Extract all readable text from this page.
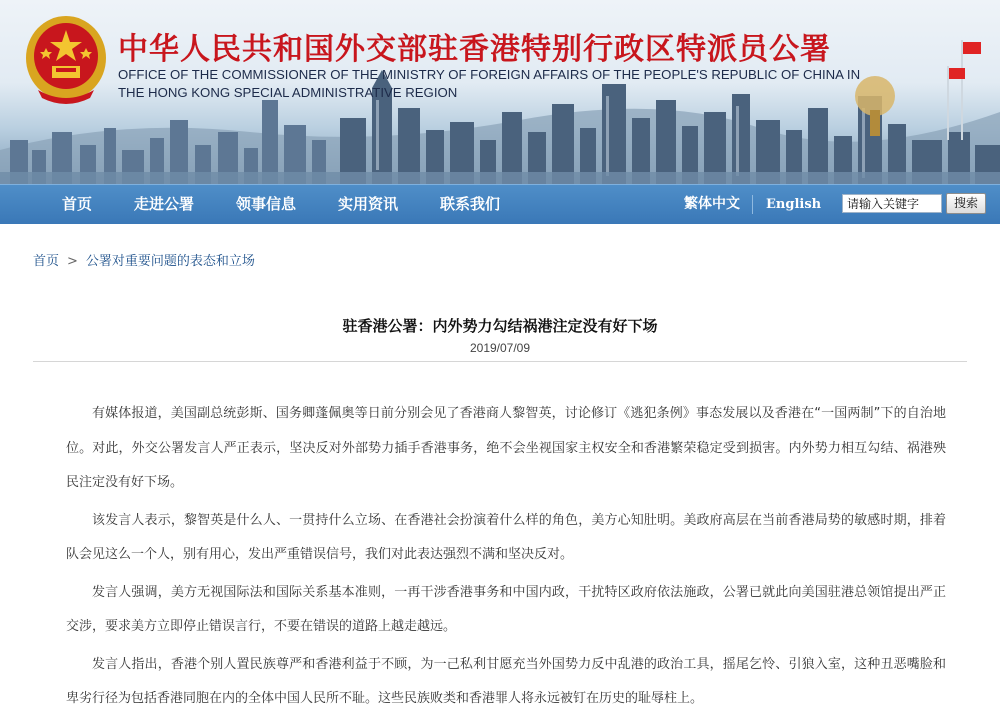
中华人民共和国外交部驻香港特别行政区特派员公署
OFFICE OF THE COMMISSIONER OF THE MINISTRY OF FOREIGN AFFAIRS OF THE PEOPLE'S REPUBLIC OF CHINA IN
THE HONG KONG SPECIAL ADMINISTRATIVE REGION
首页	走进公署	领事信息	实用资讯	联系我们	繁体中文 English	请输入关键字	搜索
首页 > 公署对重要问题的表态和立场
驻香港公署：内外势力勾结祸港注定没有好下场
2019/07/09

有媒体报道，美国副总统彭斯、国务卿蓬佩奥等日前分别会见了香港商人黎智英，讨论修订《逃犯条例》事态发展以及香港在“一国两制”下的自治地位。对此，外交公署发言人严正表示，坚决反对外部势力插手香港事务，绝不会坐视国家主权安全和香港繁荣稳定受到损害。内外势力相互勾结、祸港殃民注定没有好下场。

该发言人表示，黎智英是什么人、一贯持什么立场、在香港社会扮演着什么样的角色，美方心知肚明。美政府高层在当前香港局势的敏感时期，排着队会见这么一个人，别有用心，发出严重错误信号，我们对此表达强烈不满和坚决反对。

发言人强调，美方无视国际法和国际关系基本准则，一再干涉香港事务和中国内政，干扰特区政府依法施政，公署已就此向美国驻港总领馆提出严正交涉，要求美方立即停止错误言行，不要在错误的道路上越走越远。

发言人指出，香港个别人置民族尊严和香港利益于不顾，为一己私利甘愿充当外国势力反中乱港的政治工具，摇尾乞怜、引狼入室，这种丑恶嘴脸和卑劣行径为包括香港同胞在内的全体中国人民所不耻。这些民族败类和香港罪人将永远被钉在历史的耻辱柱上。
